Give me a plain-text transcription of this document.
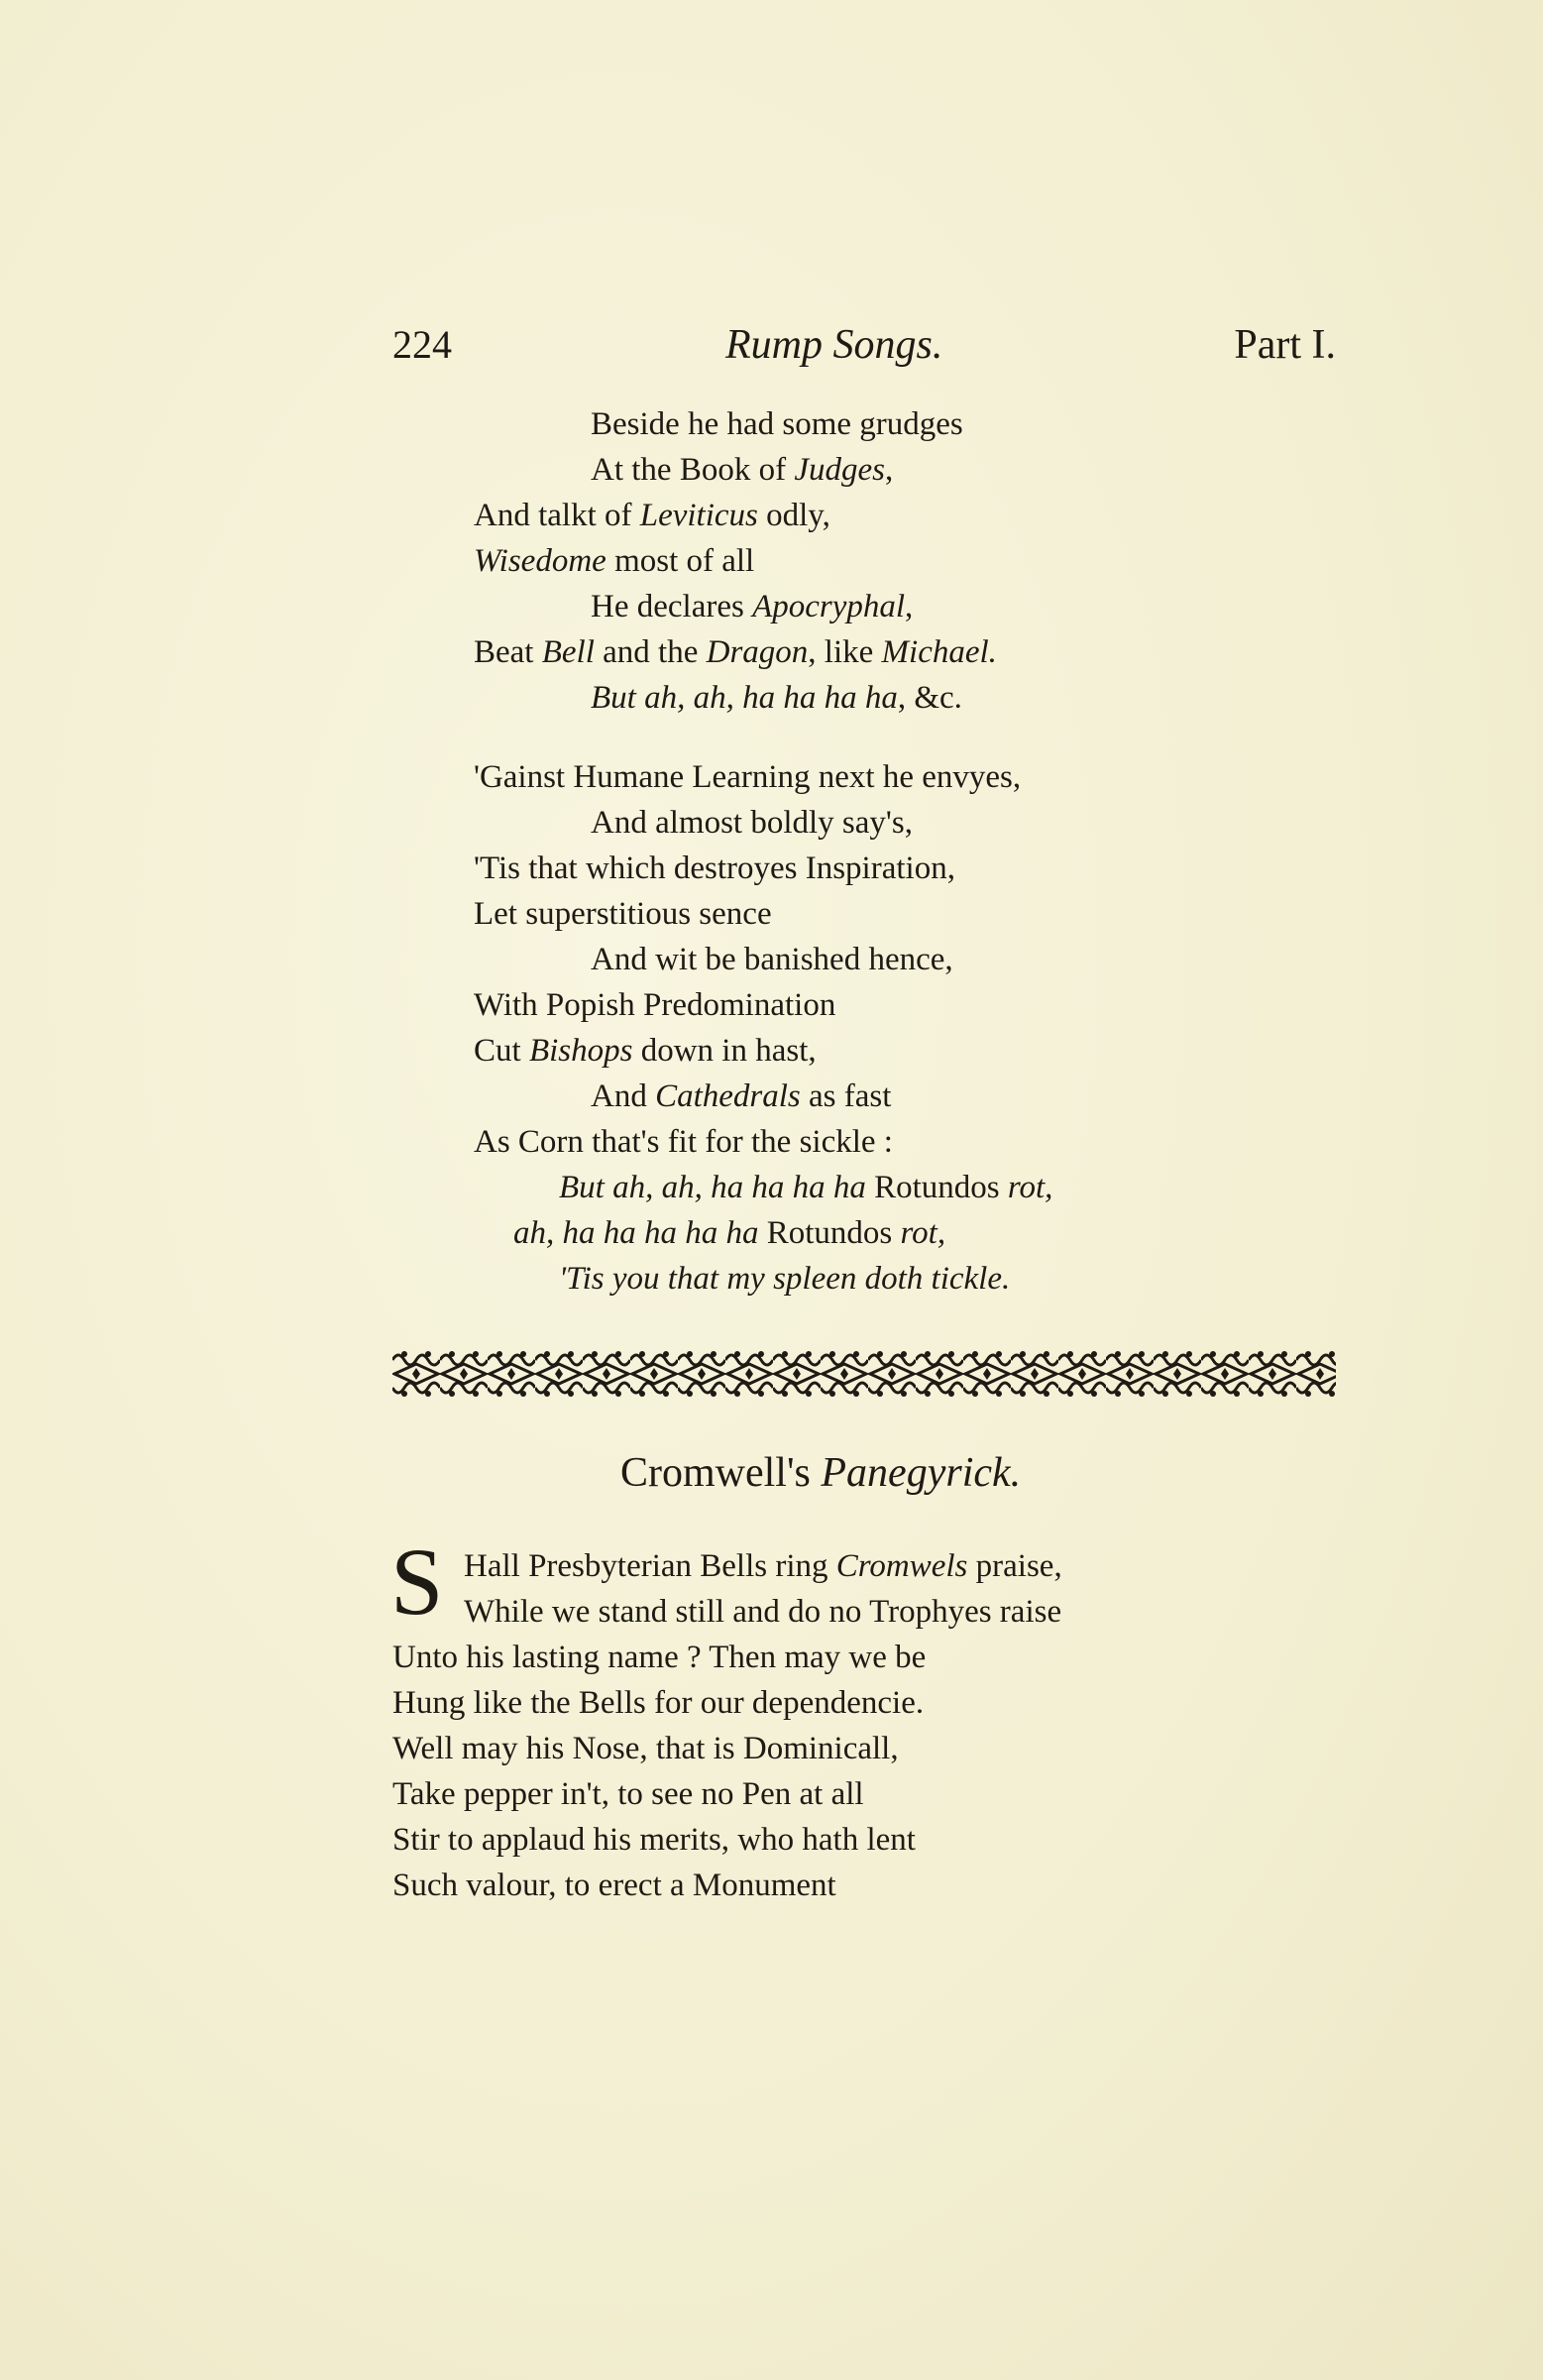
224	Rump Songs.	Part I.
Beside he had some grudges
At the Book of Judges,
And talkt of Leviticus odly,
Wisedome most of all
He declares Apocryphal,
Beat Bell and the Dragon, like Michael.
But ah, ah, ha ha ha ha, &c.
'Gainst Humane Learning next he envyes,
And almost boldly say's,
'Tis that which destroyes Inspiration,
Let superstitious sence
And wit be banished hence,
With Popish Predomination
Cut Bishops down in hast,
And Cathedrals as fast
As Corn that's fit for the sickle :
But ah, ah, ha ha ha ha Rotundos rot,
ah, ha ha ha ha ha Rotundos rot,
'Tis you that my spleen doth tickle.
Cromwell's Panegyrick.
S Hall Presbyterian Bells ring Cromwels praise,
While we stand still and do no Trophyes raise
Unto his lasting name ? Then may we be
Hung like the Bells for our dependencie.
Well may his Nose, that is Dominicall,
Take pepper in't, to see no Pen at all
Stir to applaud his merits, who hath lent
Such valour, to erect a Monument
